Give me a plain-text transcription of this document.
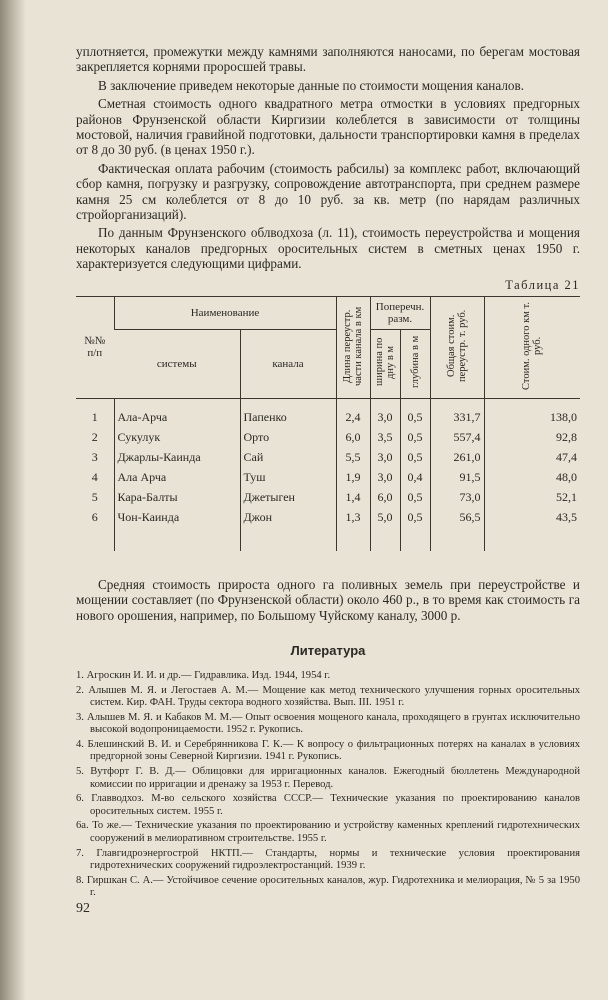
уплотняется, промежутки между камнями заполняются наносами, по берегам мостовая закрепляется корнями проросшей травы.

В заключение приведем некоторые данные по стоимости мощения каналов.

Сметная стоимость одного квадратного метра отмостки в условиях предгорных районов Фрунзенской области Киргизии колеблется в зависимости от толщины мостовой, наличия гравийной подготовки, дальности транспортировки камня в пределах от 8 до 30 руб. (в ценах 1950 г.).

Фактическая оплата рабочим (стоимость рабсилы) за комплекс работ, включающий сбор камня, погрузку и разгрузку, сопровождение автотранспорта, при среднем размере камня 25 см колеблется от 8 до 10 руб. за кв. метр (по нарядам различных стройорганизаций).

По данным Фрунзенского облводхоза (л. 11), стоимость переустройства и мощения некоторых каналов предгорных оросительных систем в сметных ценах 1950 г. характеризуется следующими цифрами.

Таблица 21
№№ п/п	Наименование		Длина переустр. части канала в км	Поперечн. разм.		Общая стоим. переустр. т. руб.	Стоим. одного км т. руб.
	системы	канала		ширина по дну в м	глубина в м		
1	Ала-Арча	Папенко	2,4	3,0	0,5	331,7	138,0
2	Сукулук	Орто	6,0	3,5	0,5	557,4	92,8
3	Джарлы-Каинда	Сай	5,5	3,0	0,5	261,0	47,4
4	Ала Арча	Туш	1,9	3,0	0,4	91,5	48,0
5	Кара-Балты	Джетыген	1,4	6,0	0,5	73,0	52,1
6	Чон-Каинда	Джон	1,3	5,0	0,5	56,5	43,5

Средняя стоимость прироста одного га поливных земель при переустройстве и мощении составляет (по Фрунзенской области) около 460 р., в то время как стоимость га нового орошения, например, по Большому Чуйскому каналу, 3000 р.

Литература
1. Агроскин И. И. и др.— Гидравлика. Изд. 1944, 1954 г.
2. Алышев М. Я. и Легостаев А. М.— Мощение как метод технического улучшения горных оросительных систем. Кир. ФАН. Труды сектора водного хозяйства. Вып. III. 1951 г.
3. Алышев М. Я. и Кабаков М. М.— Опыт освоения мощеного канала, проходящего в грунтах исключительно высокой водопроницаемости. 1952 г. Рукопись.
4. Блешинский В. И. и Серебрянникова Г. К.— К вопросу о фильтрационных потерях на каналах в условиях предгорной зоны Северной Киргизии. 1941 г. Рукопись.
5. Вутфорт Г. В. Д.— Облицовки для ирригационных каналов. Ежегодный бюллетень Международной комиссии по ирригации и дренажу за 1953 г. Перевод.
6. Главводхоз. М-во сельского хозяйства СССР.— Технические указания по проектированию каналов оросительных систем. 1955 г.
6а. То же.— Технические указания по проектированию и устройству каменных креплений гидротехнических сооружений в мелиоративном строительстве. 1955 г.
7. Главгидроэнергострой НКТП.— Стандарты, нормы и технические условия проектирования гидротехнических сооружений гидроэлектростанций. 1939 г.
8. Гиршкан С. А.— Устойчивое сечение оросительных каналов, жур. Гидротехника и мелиорация, № 5 за 1950 г.
92
